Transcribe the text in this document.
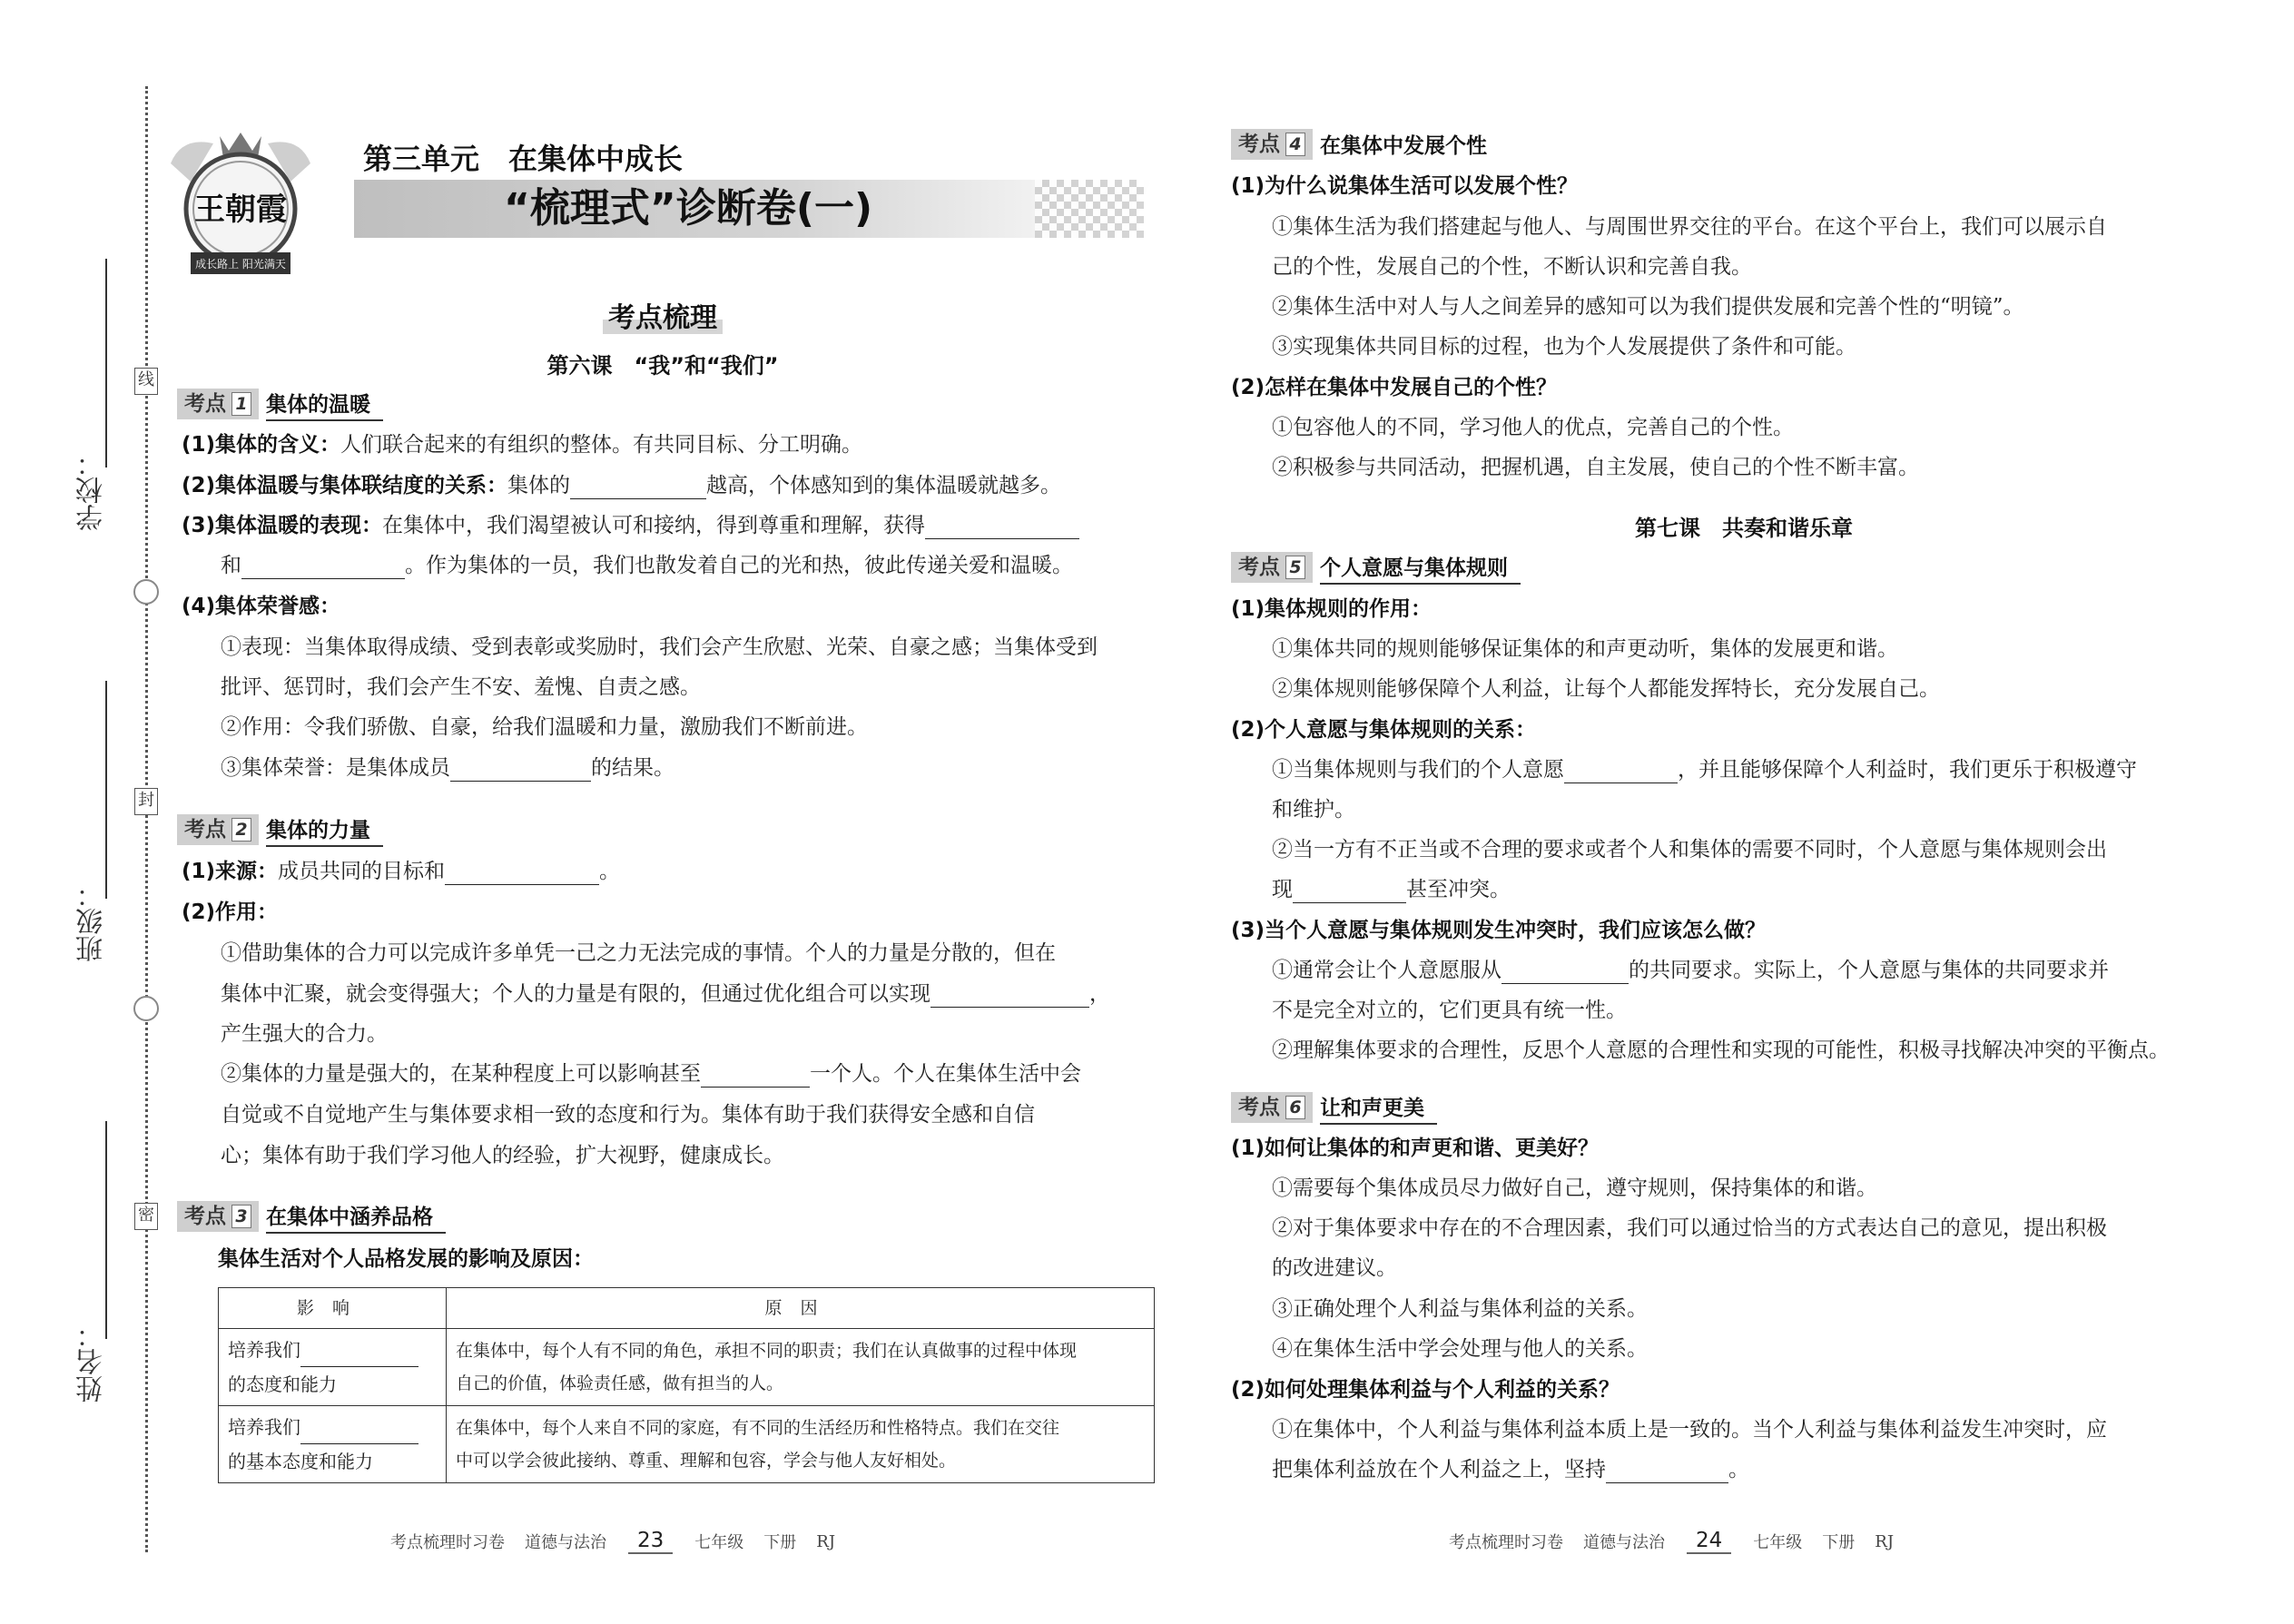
线
封
密
学校：
班级：
姓名：
王朝霞
成长路上 阳光满天
第三单元　在集体中成长
“梳理式”诊断卷(一)
考点梳理
第六课　“我”和“我们”
考点 1 集体的温暖
(1)集体的含义：人们联合起来的有组织的整体。有共同目标、分工明确。
(2)集体温暖与集体联结度的关系：集体的	越高，个体感知到的集体温暖就越多。
(3)集体温暖的表现：在集体中，我们渴望被认可和接纳，得到尊重和理解，获得
和	。作为集体的一员，我们也散发着自己的光和热，彼此传递关爱和温暖。
(4)集体荣誉感：
①表现：当集体取得成绩、受到表彰或奖励时，我们会产生欣慰、光荣、自豪之感；当集体受到
批评、惩罚时，我们会产生不安、羞愧、自责之感。
②作用：令我们骄傲、自豪，给我们温暖和力量，激励我们不断前进。
③集体荣誉：是集体成员	的结果。
考点 2 集体的力量
(1)来源：成员共同的目标和	。
(2)作用：
①借助集体的合力可以完成许多单凭一己之力无法完成的事情。个人的力量是分散的，但在
集体中汇聚，就会变得强大；个人的力量是有限的，但通过优化组合可以实现	，
产生强大的合力。
②集体的力量是强大的，在某种程度上可以影响甚至	一个人。个人在集体生活中会
自觉或不自觉地产生与集体要求相一致的态度和行为。集体有助于我们获得安全感和自信
心；集体有助于我们学习他人的经验，扩大视野，健康成长。
考点 3 在集体中涵养品格
集体生活对个人品格发展的影响及原因：
影响	原因
培养我们
的态度和能力	在集体中，每个人有不同的角色，承担不同的职责；我们在认真做事的过程中体现
自己的价值，体验责任感，做有担当的人。
培养我们
的基本态度和能力	在集体中，每个人来自不同的家庭，有不同的生活经历和性格特点。我们在交往
中可以学会彼此接纳、尊重、理解和包容，学会与他人友好相处。
考点梳理时习卷 道德与法治	23	七年级 下册 RJ
考点 4 在集体中发展个性
(1)为什么说集体生活可以发展个性？
①集体生活为我们搭建起与他人、与周围世界交往的平台。在这个平台上，我们可以展示自
己的个性，发展自己的个性，不断认识和完善自我。
②集体生活中对人与人之间差异的感知可以为我们提供发展和完善个性的“明镜”。
③实现集体共同目标的过程，也为个人发展提供了条件和可能。
(2)怎样在集体中发展自己的个性？
①包容他人的不同，学习他人的优点，完善自己的个性。
②积极参与共同活动，把握机遇，自主发展，使自己的个性不断丰富。
第七课　共奏和谐乐章
考点 5 个人意愿与集体规则
(1)集体规则的作用：
①集体共同的规则能够保证集体的和声更动听，集体的发展更和谐。
②集体规则能够保障个人利益，让每个人都能发挥特长，充分发展自己。
(2)个人意愿与集体规则的关系：
①当集体规则与我们的个人意愿	，并且能够保障个人利益时，我们更乐于积极遵守
和维护。
②当一方有不正当或不合理的要求或者个人和集体的需要不同时，个人意愿与集体规则会出
现	甚至冲突。
(3)当个人意愿与集体规则发生冲突时，我们应该怎么做？
①通常会让个人意愿服从	的共同要求。实际上，个人意愿与集体的共同要求并
不是完全对立的，它们更具有统一性。
②理解集体要求的合理性，反思个人意愿的合理性和实现的可能性，积极寻找解决冲突的平衡点。
考点 6 让和声更美
(1)如何让集体的和声更和谐、更美好？
①需要每个集体成员尽力做好自己，遵守规则，保持集体的和谐。
②对于集体要求中存在的不合理因素，我们可以通过恰当的方式表达自己的意见，提出积极
的改进建议。
③正确处理个人利益与集体利益的关系。
④在集体生活中学会处理与他人的关系。
(2)如何处理集体利益与个人利益的关系？
①在集体中，个人利益与集体利益本质上是一致的。当个人利益与集体利益发生冲突时，应
把集体利益放在个人利益之上，坚持	。
考点梳理时习卷 道德与法治	24	七年级 下册 RJ
